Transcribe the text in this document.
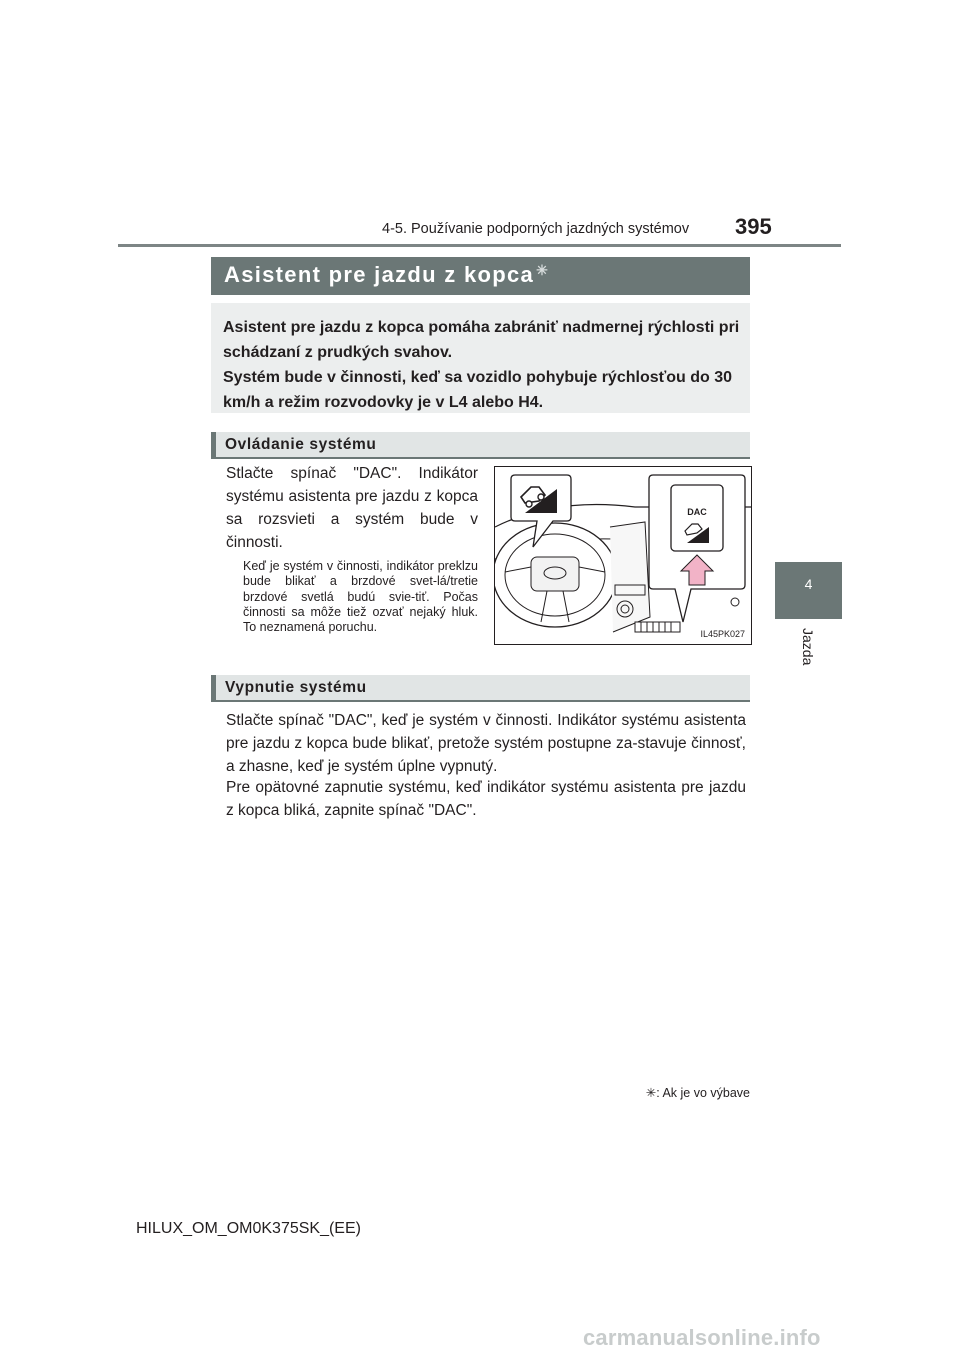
4-5. Používanie podporných jazdných systémov 395
4
Jazda
Asistent pre jazdu z kopca ✳
Asistent pre jazdu z kopca pomáha zabrániť nadmernej rýchlosti pri schádzaní z prudkých svahov.
Systém bude v činnosti, keď sa vozidlo pohybuje rýchlosťou do 30 km/h a režim rozvodovky je v L4 alebo H4.
Ovládanie systému
Stlačte spínač "DAC". Indikátor systému asistenta pre jazdu z kopca sa rozsvieti a systém bude v činnosti.
Keď je systém v činnosti, indikátor preklzu bude blikať a brzdové svet-lá/tretie brzdové svetlá budú svie-tiť. Počas činnosti sa môže tiež ozvať nejaký hluk. To neznamená poruchu.
DAC
IL45PK027
Vypnutie systému
Stlačte spínač "DAC", keď je systém v činnosti. Indikátor systému asistenta pre jazdu z kopca bude blikať, pretože systém postupne za-stavuje činnosť, a zhasne, keď je systém úplne vypnutý.
Pre opätovné zapnutie systému, keď indikátor systému asistenta pre jazdu z kopca bliká, zapnite spínač "DAC".
✳: Ak je vo výbave
HILUX_OM_OM0K375SK_(EE)
carmanualsonline.info
